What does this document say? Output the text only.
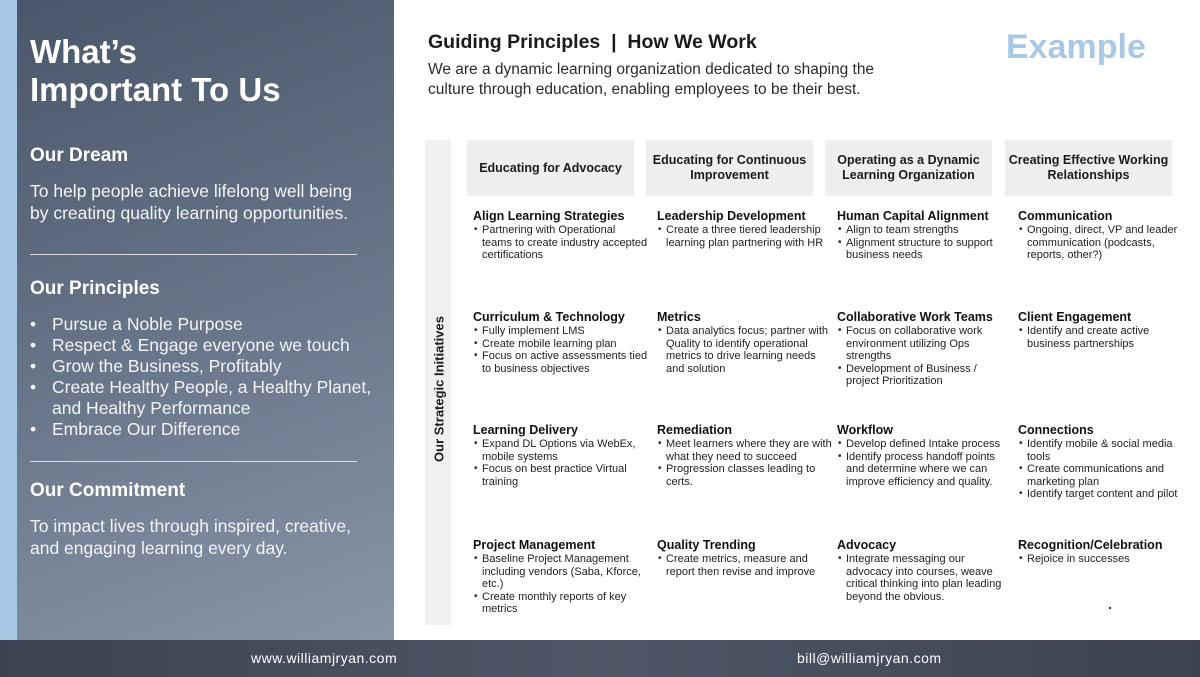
What’s
Important To Us
Our Dream
To help people achieve lifelong well being by creating quality learning opportunities.
Our Principles
• Pursue a Noble Purpose
• Respect & Engage everyone we touch
• Grow the Business, Profitably
• Create Healthy People, a Healthy Planet, and Healthy Performance
• Embrace Our Difference
Our Commitment
To impact lives through inspired, creative, and engaging learning every day.
Guiding Principles  |  How We Work
We are a dynamic learning organization dedicated to shaping the culture through education, enabling employees to be their best.
Example
Our Strategic Initiatives
Educating for Advocacy
Educating for Continuous Improvement
Operating as a Dynamic Learning Organization
Creating Effective Working Relationships
Align Learning Strategies
• Partnering with Operational teams to create industry accepted certifications
Leadership Development
• Create a three tiered leadership learning plan partnering with HR
Human Capital Alignment
• Align to team strengths
• Alignment structure to support business needs
Communication
• Ongoing, direct, VP and leader communication (podcasts, reports, other?)
Curriculum & Technology
• Fully implement LMS
• Create mobile learning plan
• Focus on active assessments tied to business objectives
Metrics
• Data analytics focus; partner with Quality to identify operational metrics to drive learning needs and solution
Collaborative Work Teams
• Focus on collaborative work environment utilizing Ops strengths
• Development of Business / project Prioritization
Client Engagement
• Identify and create active business partnerships
Learning Delivery
• Expand DL Options via WebEx, mobile systems
• Focus on best practice Virtual training
Remediation
• Meet learners where they are with what they need to succeed
• Progression classes leading to certs.
Workflow
• Develop defined Intake process
• Identify process handoff points and determine where we can improve efficiency and quality.
Connections
• Identify mobile & social media tools
• Create communications and marketing plan
• Identify target content and pilot
Project Management
• Baseline Project Management including vendors (Saba, Kforce, etc.)
• Create monthly reports of key metrics
Quality Trending
• Create metrics, measure and report then revise and improve
Advocacy
• Integrate messaging our advocacy into courses, weave critical thinking into plan leading beyond the obvious.
Recognition/Celebration
• Rejoice in successes
www.williamjryan.com	bill@williamjryan.com
